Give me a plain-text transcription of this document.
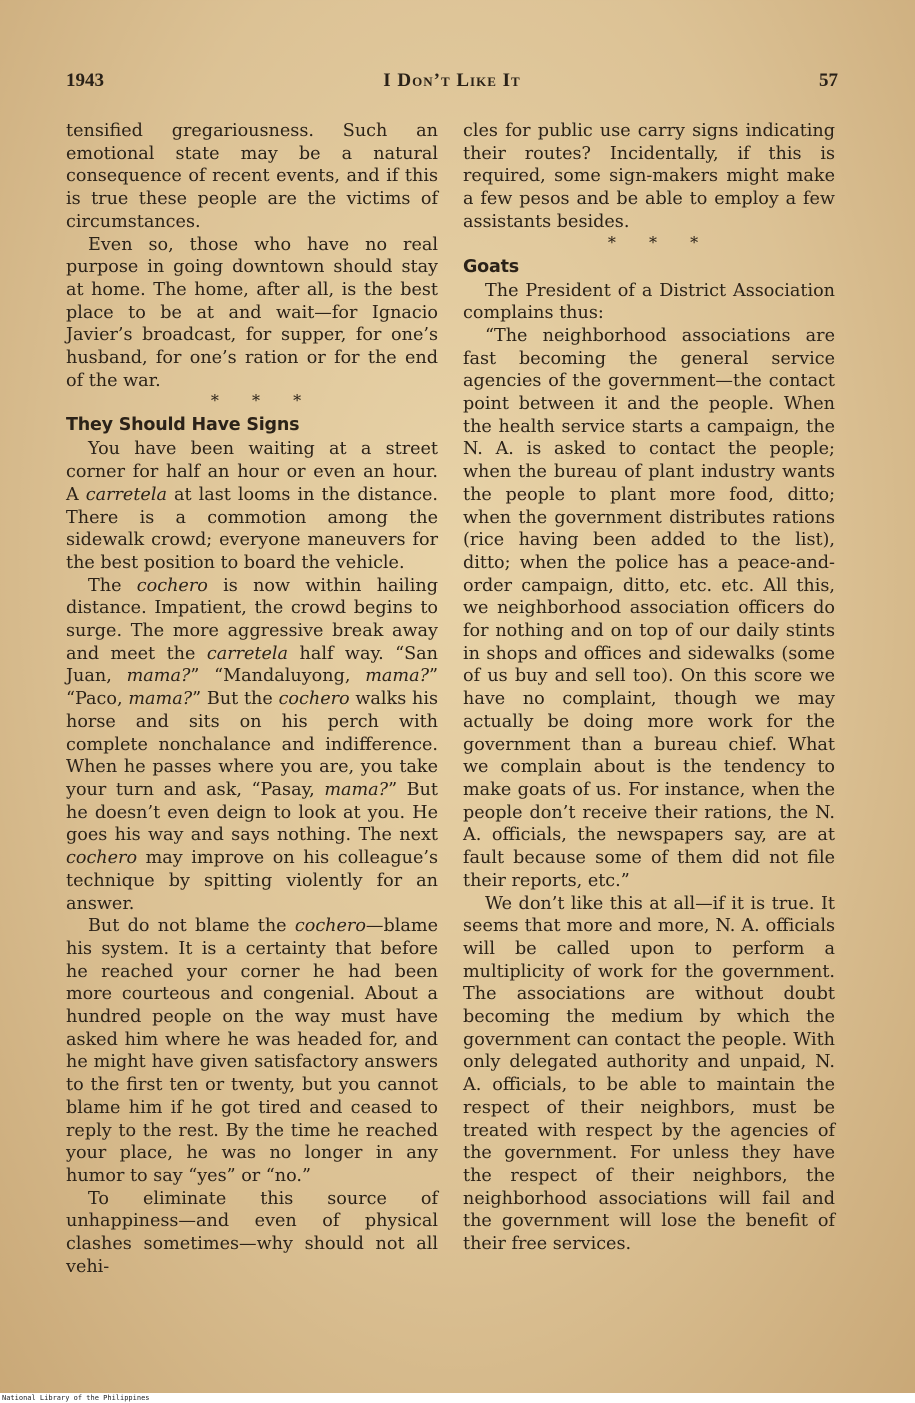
1943	I Don’t Like It	57

tensified gregariousness. Such an emotional state may be a natural consequence of recent events, and if this is true these people are the victims of circumstances.

Even so, those who have no real purpose in going downtown should stay at home. The home, after all, is the best place to be at and wait—for Ignacio Javier’s broadcast, for supper, for one’s husband, for one’s ration or for the end of the war.

* * *

They Should Have Signs

You have been waiting at a street corner for half an hour or even an hour. A carretela at last looms in the distance. There is a commotion among the sidewalk crowd; everyone maneuvers for the best position to board the vehicle.

The cochero is now within hailing distance. Impatient, the crowd begins to surge. The more aggressive break away and meet the carretela half way. “San Juan, mama?” “Mandaluyong, mama?” “Paco, mama?” But the cochero walks his horse and sits on his perch with complete nonchalance and indifference. When he passes where you are, you take your turn and ask, “Pasay, mama?” But he doesn’t even deign to look at you. He goes his way and says nothing. The next cochero may improve on his colleague’s technique by spitting violently for an answer.

But do not blame the cochero—blame his system. It is a certainty that before he reached your corner he had been more courteous and congenial. About a hundred people on the way must have asked him where he was headed for, and he might have given satisfactory answers to the first ten or twenty, but you cannot blame him if he got tired and ceased to reply to the rest. By the time he reached your place, he was no longer in any humor to say “yes” or “no.”

To eliminate this source of unhappiness—and even of physical clashes sometimes—why should not all vehi-

cles for public use carry signs indicating their routes? Incidentally, if this is required, some sign-makers might make a few pesos and be able to employ a few assistants besides.

* * *

Goats

The President of a District Association complains thus:

“The neighborhood associations are fast becoming the general service agencies of the government—the contact point between it and the people. When the health service starts a campaign, the N. A. is asked to contact the people; when the bureau of plant industry wants the people to plant more food, ditto; when the government distributes rations (rice having been added to the list), ditto; when the police has a peace-and-order campaign, ditto, etc. etc. All this, we neighborhood association officers do for nothing and on top of our daily stints in shops and offices and sidewalks (some of us buy and sell too). On this score we have no complaint, though we may actually be doing more work for the government than a bureau chief. What we complain about is the tendency to make goats of us. For instance, when the people don’t receive their rations, the N. A. officials, the newspapers say, are at fault because some of them did not file their reports, etc.”

We don’t like this at all—if it is true. It seems that more and more, N. A. officials will be called upon to perform a multiplicity of work for the government. The associations are without doubt becoming the medium by which the government can contact the people. With only delegated authority and unpaid, N. A. officials, to be able to maintain the respect of their neighbors, must be treated with respect by the agencies of the government. For unless they have the respect of their neighbors, the neighborhood associations will fail and the government will lose the benefit of their free services.

National Library of the Philippines
